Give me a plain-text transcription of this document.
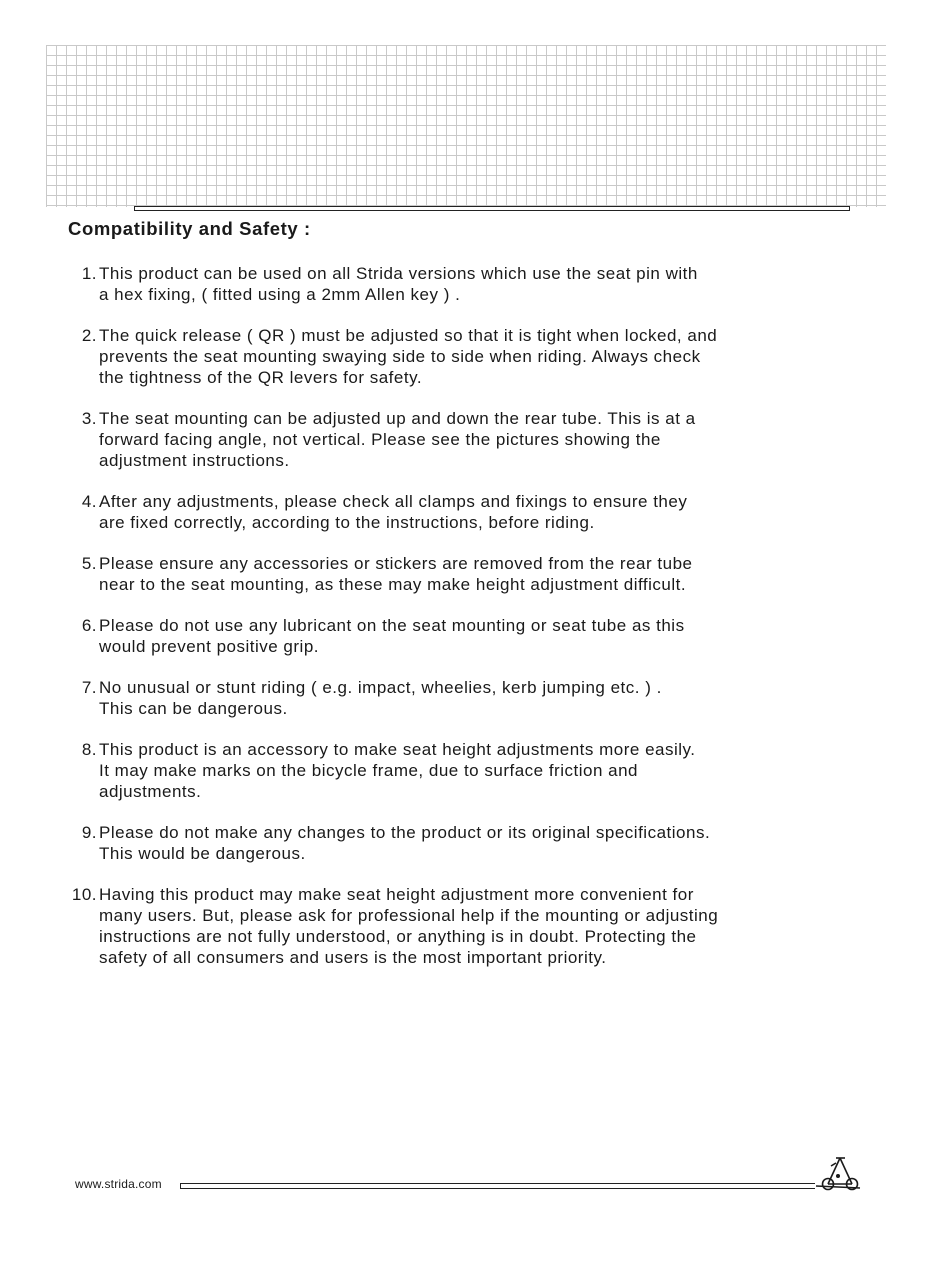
Compatibility and Safety :
1. This product can be used on all Strida versions which use the seat pin with
a hex fixing, ( fitted using a 2mm Allen key ) .
2. The quick release ( QR ) must be adjusted so that it is tight when locked, and
prevents the seat mounting swaying side to side when riding. Always check
the tightness of the QR levers for safety.
3. The seat mounting can be adjusted up and down the rear tube. This is at a
forward facing angle, not vertical. Please see the pictures showing the
adjustment instructions.
4. After any adjustments, please check all clamps and fixings to ensure they
are fixed correctly, according to the instructions, before riding.
5. Please ensure any accessories or stickers are removed from the rear tube
near to the seat mounting, as these may make height adjustment difficult.
6. Please do not use any lubricant on the seat mounting or seat tube as this
would prevent positive grip.
7. No unusual or stunt riding ( e.g. impact, wheelies, kerb jumping etc. ) .
This can be dangerous.
8. This product is an accessory to make seat height adjustments more easily.
It may make marks on the bicycle frame, due to surface friction and
adjustments.
9. Please do not make any changes to the product or its original specifications.
This would be dangerous.
10. Having this product may make seat height adjustment more convenient for
many users. But, please ask for professional help if the mounting or adjusting
instructions are not fully understood, or anything is in doubt. Protecting the
safety of all consumers and users is the most important priority.
www.strida.com
